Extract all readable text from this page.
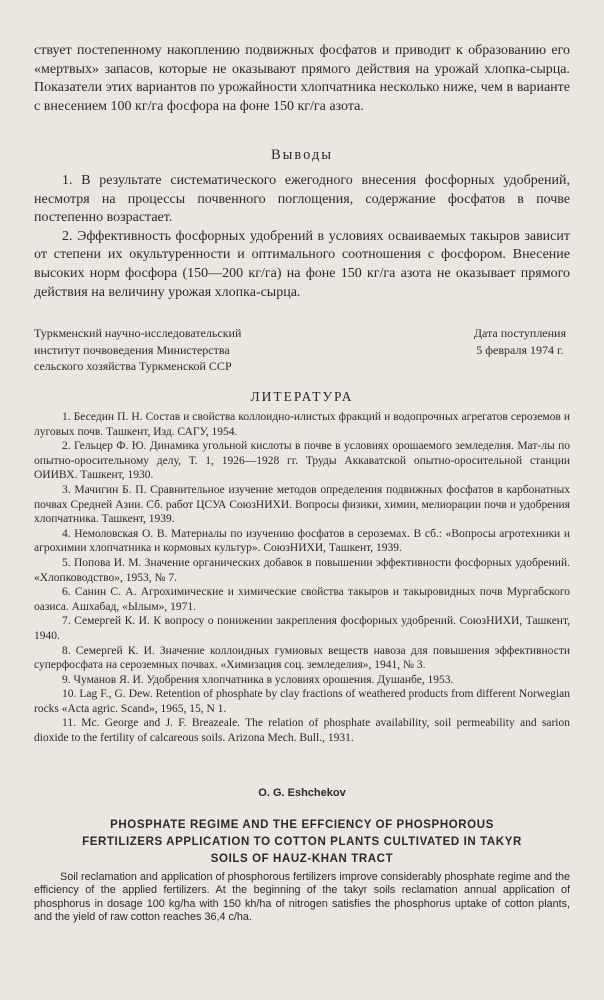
ствует постепенному накоплению подвижных фосфатов и приводит к образованию его «мертвых» запасов, которые не оказывают прямого действия на урожай хлопка-сырца. Показатели этих вариантов по урожайности хлопчатника несколько ниже, чем в варианте с внесением 100 кг/га фосфора на фоне 150 кг/га азота.

Выводы

1. В результате систематического ежегодного внесения фосфорных удобрений, несмотря на процессы почвенного поглощения, содержание фосфатов в почве постепенно возрастает.

2. Эффективность фосфорных удобрений в условиях осваиваемых такыров зависит от степени их окультуренности и оптимального соотношения с фосфором. Внесение высоких норм фосфора (150—200 кг/га) на фоне 150 кг/га азота не оказывает прямого действия на величину урожая хлопка-сырца.

Туркменский научно-исследовательский
институт почвоведения Министерства
сельского хозяйства Туркменской ССР
Дата поступления
5 февраля 1974 г.
ЛИТЕРАТУРА

1. Беседин П. Н. Состав и свойства коллоидно-илистых фракций и водопрочных агрегатов сероземов и луговых почв. Ташкент, Изд. САГУ, 1954.

2. Гельцер Ф. Ю. Динамика угольной кислоты в почве в условиях орошаемого земледелия. Мат-лы по опытно-оросительному делу, Т. 1, 1926—1928 гг. Труды Аккаватской опытно-оросительной станции ОИИВХ. Ташкент, 1930.

3. Мачигин Б. П. Сравнительное изучение методов определения подвижных фосфатов в карбонатных почвах Средней Азии. Сб. работ ЦСУА СоюзНИХИ. Вопросы физики, химии, мелиорации почв и удобрения хлопчатника. Ташкент, 1939.

4. Немоловская О. В. Материалы по изучению фосфатов в сероземах. В сб.: «Вопросы агротехники и агрохимии хлопчатника и кормовых культур». СоюзНИХИ, Ташкент, 1939.

5. Попова И. М. Значение органических добавок в повышении эффективности фосфорных удобрений. «Хлопководство», 1953, № 7.

6. Санин С. А. Агрохимические и химические свойства такыров и такыровидных почв Мургабского оазиса. Ашхабад, «Ылым», 1971.

7. Семергей К. И. К вопросу о понижении закрепления фосфорных удобрений. СоюзНИХИ, Ташкент, 1940.

8. Семергей К. И. Значение коллоидных гумиовых веществ навоза для повышения эффективности суперфосфата на сероземных почвах. «Химизация соц. земледелия», 1941, № 3.

9. Чуманов Я. И. Удобрения хлопчатника в условиях орошения. Душанбе, 1953.

10. Lag F., G. Dew. Retention of phosphate by clay fractions of weathered products from different Norwegian rocks «Acta agric. Scand», 1965, 15, N 1.

11. Mc. George and J. F. Breazeale. The relation of phosphate availability, soil permeability and sarion dioxide to the fertility of calcareous soils. Arizona Mech. Bull., 1931.

O. G. Eshchekov
PHOSPHATE REGIME AND THE EFFCIENCY OF PHOSPHOROUS
FERTILIZERS APPLICATION TO COTTON PLANTS CULTIVATED IN TAKYR
SOILS OF HAUZ-KHAN TRACT

Soil reclamation and application of phosphorous fertilizers improve considerably phosphate regime and the efficiency of the applied fertilizers. At the beginning of the takyr soils reclamation annual application of phosphorus in dosage 100 kg/ha with 150 kh/ha of nitrogen satisfies the phosphorus uptake of cotton plants, and the yield of raw cotton reaches 36,4 c/ha.
